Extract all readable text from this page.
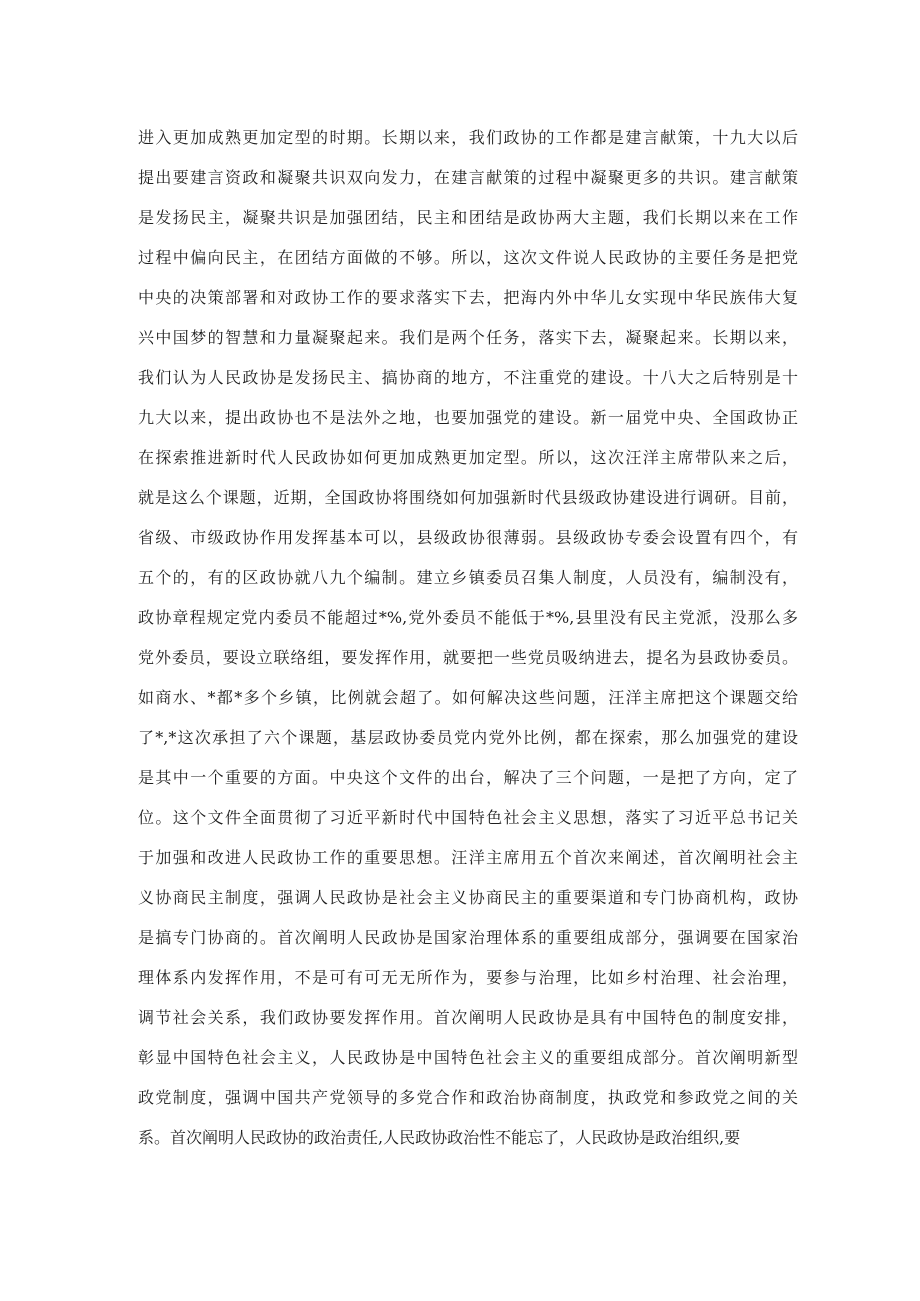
进入更加成熟更加定型的时期。长期以来，我们政协的工作都是建言献策，十九大以后
提出要建言资政和凝聚共识双向发力，在建言献策的过程中凝聚更多的共识。建言献策
是发扬民主，凝聚共识是加强团结，民主和团结是政协两大主题，我们长期以来在工作
过程中偏向民主，在团结方面做的不够。所以，这次文件说人民政协的主要任务是把党
中央的决策部署和对政协工作的要求落实下去，把海内外中华儿女实现中华民族伟大复
兴中国梦的智慧和力量凝聚起来。我们是两个任务，落实下去，凝聚起来。长期以来，
我们认为人民政协是发扬民主、搞协商的地方，不注重党的建设。十八大之后特别是十
九大以来，提出政协也不是法外之地，也要加强党的建设。新一届党中央、全国政协正
在探索推进新时代人民政协如何更加成熟更加定型。所以，这次汪洋主席带队来之后，
就是这么个课题，近期，全国政协将围绕如何加强新时代县级政协建设进行调研。目前，
省级、市级政协作用发挥基本可以，县级政协很薄弱。县级政协专委会设置有四个，有
五个的，有的区政协就八九个编制。建立乡镇委员召集人制度，人员没有，编制没有，
政协章程规定党内委员不能超过*%,党外委员不能低于*%,县里没有民主党派，没那么多
党外委员，要设立联络组，要发挥作用，就要把一些党员吸纳进去，提名为县政协委员。
如商水、*都*多个乡镇，比例就会超了。如何解决这些问题，汪洋主席把这个课题交给
了*,*这次承担了六个课题，基层政协委员党内党外比例，都在探索，那么加强党的建设
是其中一个重要的方面。中央这个文件的出台，解决了三个问题，一是把了方向，定了
位。这个文件全面贯彻了习近平新时代中国特色社会主义思想，落实了习近平总书记关
于加强和改进人民政协工作的重要思想。汪洋主席用五个首次来阐述，首次阐明社会主
义协商民主制度，强调人民政协是社会主义协商民主的重要渠道和专门协商机构，政协
是搞专门协商的。首次阐明人民政协是国家治理体系的重要组成部分，强调要在国家治
理体系内发挥作用，不是可有可无无所作为，要参与治理，比如乡村治理、社会治理，
调节社会关系，我们政协要发挥作用。首次阐明人民政协是具有中国特色的制度安排，
彰显中国特色社会主义，人民政协是中国特色社会主义的重要组成部分。首次阐明新型
政党制度，强调中国共产党领导的多党合作和政治协商制度，执政党和参政党之间的关
系。首次阐明人民政协的政治责任,人民政协政治性不能忘了，人民政协是政治组织,要
